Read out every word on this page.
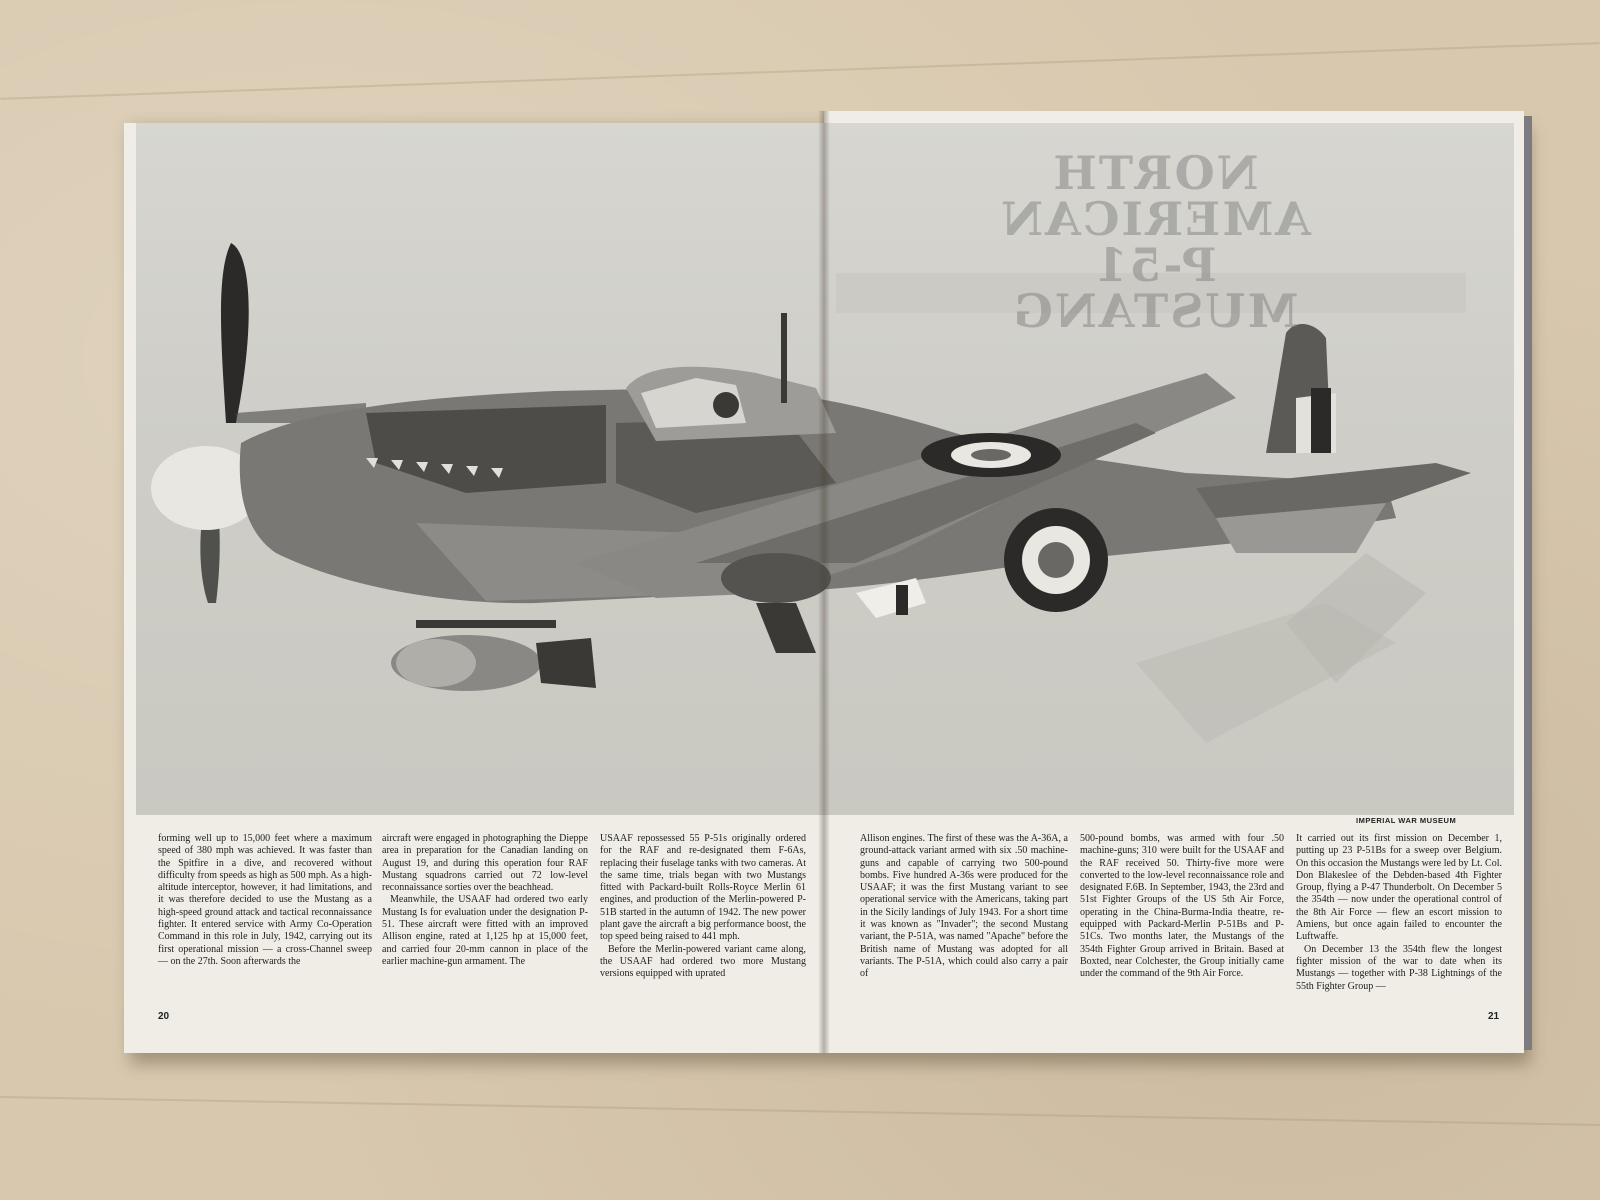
NORTH AMERICAN
P-51 MUSTANG
IMPERIAL WAR MUSEUM

forming well up to 15,000 feet where a maximum speed of 380 mph was achieved. It was faster than the Spitfire in a dive, and recovered without difficulty from speeds as high as 500 mph. As a high-altitude interceptor, however, it had limitations, and it was therefore decided to use the Mustang as a high-speed ground attack and tactical reconnaissance fighter. It entered service with Army Co-Operation Command in this role in July, 1942, carrying out its first operational mission — a cross-Channel sweep — on the 27th. Soon afterwards the

aircraft were engaged in photographing the Dieppe area in preparation for the Canadian landing on August 19, and during this operation four RAF Mustang squadrons carried out 72 low-level reconnaissance sorties over the beachhead.

Meanwhile, the USAAF had ordered two early Mustang Is for evaluation under the designation P-51. These aircraft were fitted with an improved Allison engine, rated at 1,125 hp at 15,000 feet, and carried four 20-mm cannon in place of the earlier machine-gun armament. The

USAAF repossessed 55 P-51s originally ordered for the RAF and re-designated them F-6As, replacing their fuselage tanks with two cameras. At the same time, trials began with two Mustangs fitted with Packard-built Rolls-Royce Merlin 61 engines, and production of the Merlin-powered P-51B started in the autumn of 1942. The new power plant gave the aircraft a big performance boost, the top speed being raised to 441 mph.

Before the Merlin-powered variant came along, the USAAF had ordered two more Mustang versions equipped with uprated

20

Allison engines. The first of these was the A-36A, a ground-attack variant armed with six .50 machine-guns and capable of carrying two 500-pound bombs. Five hundred A-36s were produced for the USAAF; it was the first Mustang variant to see operational service with the Americans, taking part in the Sicily landings of July 1943. For a short time it was known as "Invader"; the second Mustang variant, the P-51A, was named "Apache" before the British name of Mustang was adopted for all variants. The P-51A, which could also carry a pair of

500-pound bombs, was armed with four .50 machine-guns; 310 were built for the USAAF and the RAF received 50. Thirty-five more were converted to the low-level reconnaissance role and designated F.6B. In September, 1943, the 23rd and 51st Fighter Groups of the US 5th Air Force, operating in the China-Burma-India theatre, re-equipped with Packard-Merlin P-51Bs and P-51Cs. Two months later, the Mustangs of the 354th Fighter Group arrived in Britain. Based at Boxted, near Colchester, the Group initially came under the command of the 9th Air Force.

It carried out its first mission on December 1, putting up 23 P-51Bs for a sweep over Belgium. On this occasion the Mustangs were led by Lt. Col. Don Blakeslee of the Debden-based 4th Fighter Group, flying a P-47 Thunderbolt. On December 5 the 354th — now under the operational control of the 8th Air Force — flew an escort mission to Amiens, but once again failed to encounter the Luftwaffe.

On December 13 the 354th flew the longest fighter mission of the war to date when its Mustangs — together with P-38 Lightnings of the 55th Fighter Group —

21
